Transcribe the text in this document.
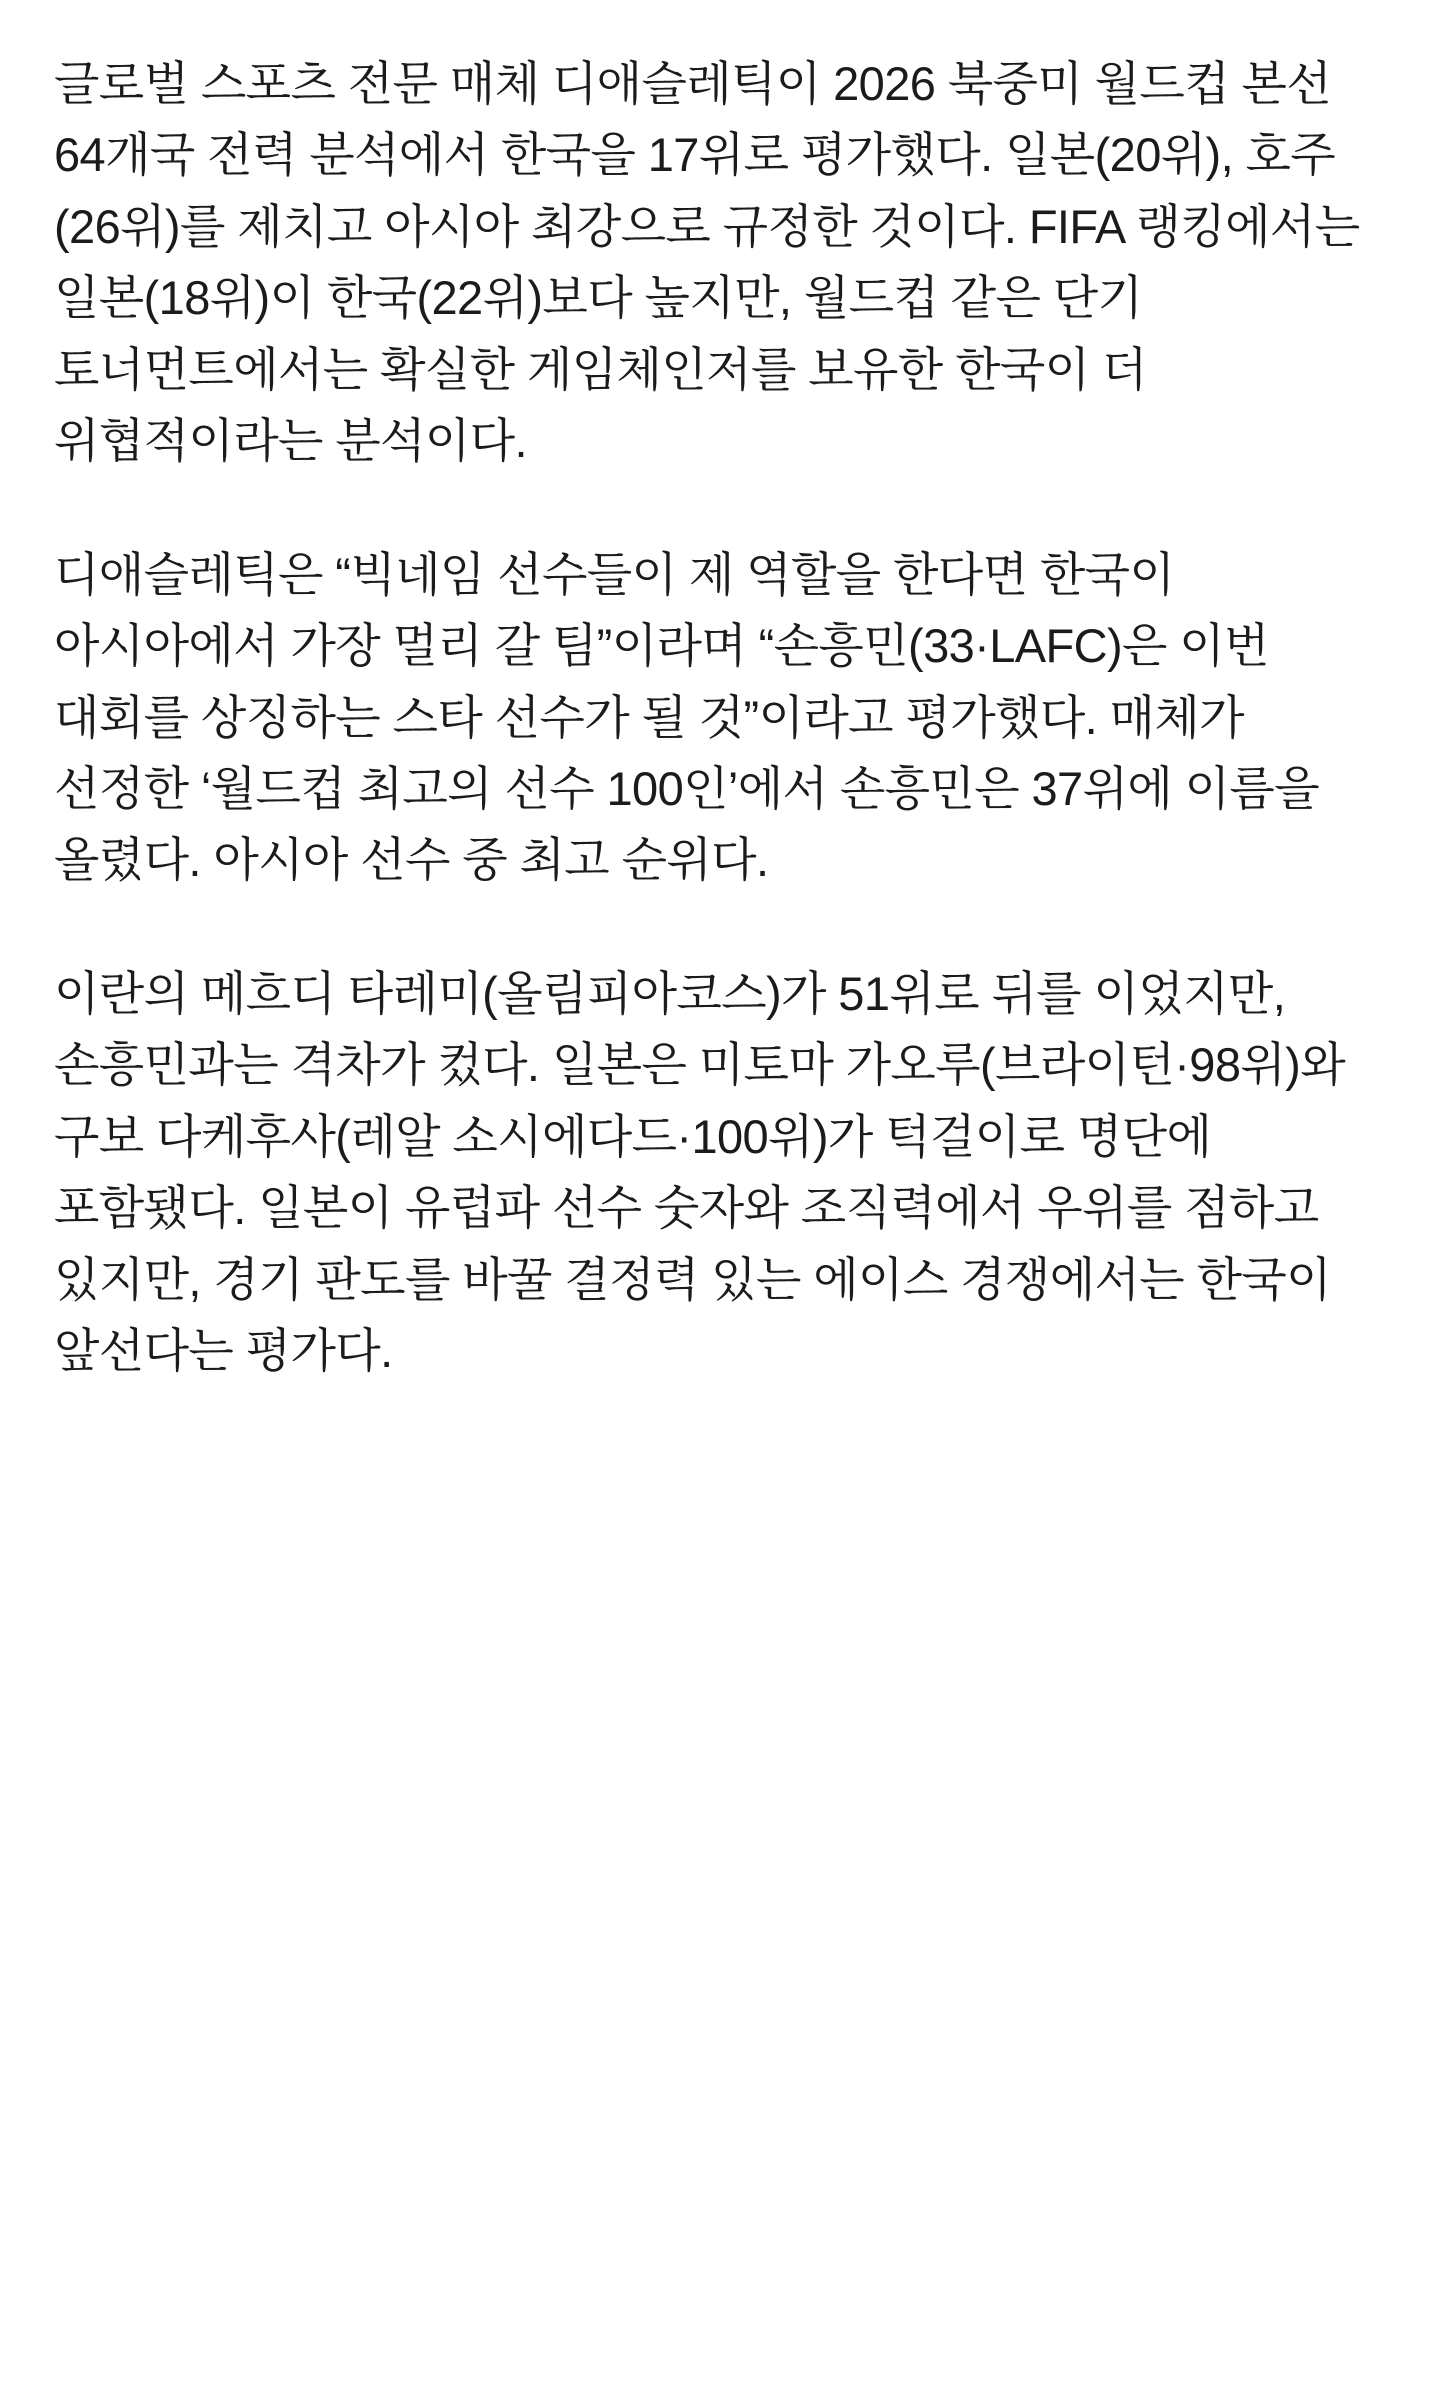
글로벌 스포츠 전문 매체 디애슬레틱이 2026 북중미 월드컵 본선 64개국 전력 분석에서 한국을 17위로 평가했다. 일본(20위), 호주(26위)를 제치고 아시아 최강으로 규정한 것이다. FIFA 랭킹에서는 일본(18위)이 한국(22위)보다 높지만, 월드컵 같은 단기 토너먼트에서는 확실한 게임체인저를 보유한 한국이 더 위협적이라는 분석이다.

디애슬레틱은 “빅네임 선수들이 제 역할을 한다면 한국이 아시아에서 가장 멀리 갈 팀”이라며 “손흥민(33·LAFC)은 이번 대회를 상징하는 스타 선수가 될 것”이라고 평가했다. 매체가 선정한 ‘월드컵 최고의 선수 100인’에서 손흥민은 37위에 이름을 올렸다. 아시아 선수 중 최고 순위다.

이란의 메흐디 타레미(올림피아코스)가 51위로 뒤를 이었지만, 손흥민과는 격차가 컸다. 일본은 미토마 가오루(브라이턴·98위)와 구보 다케후사(레알 소시에다드·100위)가 턱걸이로 명단에 포함됐다. 일본이 유럽파 선수 숫자와 조직력에서 우위를 점하고 있지만, 경기 판도를 바꿀 결정력 있는 에이스 경쟁에서는 한국이 앞선다는 평가다.
